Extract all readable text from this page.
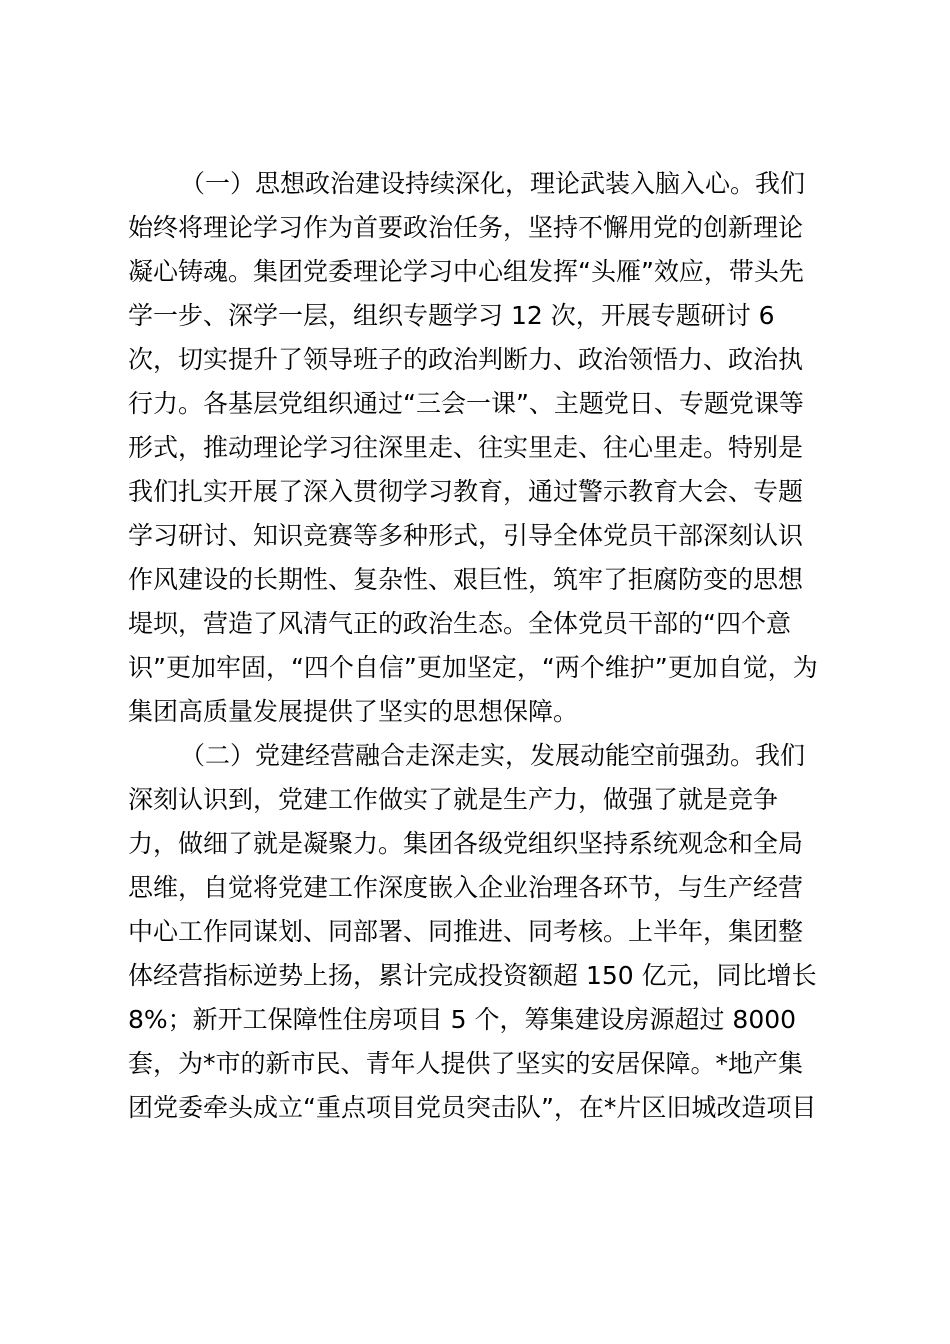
（一）思想政治建设持续深化，理论武装入脑入心。我们
始终将理论学习作为首要政治任务，坚持不懈用党的创新理论
凝心铸魂。集团党委理论学习中心组发挥“头雁”效应，带头先
学一步、深学一层，组织专题学习 12 次，开展专题研讨 6
次，切实提升了领导班子的政治判断力、政治领悟力、政治执
行力。各基层党组织通过“三会一课”、主题党日、专题党课等
形式，推动理论学习往深里走、往实里走、往心里走。特别是
我们扎实开展了深入贯彻学习教育，通过警示教育大会、专题
学习研讨、知识竞赛等多种形式，引导全体党员干部深刻认识
作风建设的长期性、复杂性、艰巨性，筑牢了拒腐防变的思想
堤坝，营造了风清气正的政治生态。全体党员干部的“四个意
识”更加牢固，“四个自信”更加坚定，“两个维护”更加自觉，为
集团高质量发展提供了坚实的思想保障。
（二）党建经营融合走深走实，发展动能空前强劲。我们
深刻认识到，党建工作做实了就是生产力，做强了就是竞争
力，做细了就是凝聚力。集团各级党组织坚持系统观念和全局
思维，自觉将党建工作深度嵌入企业治理各环节，与生产经营
中心工作同谋划、同部署、同推进、同考核。上半年，集团整
体经营指标逆势上扬，累计完成投资额超 150 亿元，同比增长
8%；新开工保障性住房项目 5 个，筹集建设房源超过 8000
套，为*市的新市民、青年人提供了坚实的安居保障。*地产集
团党委牵头成立“重点项目党员突击队”，在*片区旧城改造项目
